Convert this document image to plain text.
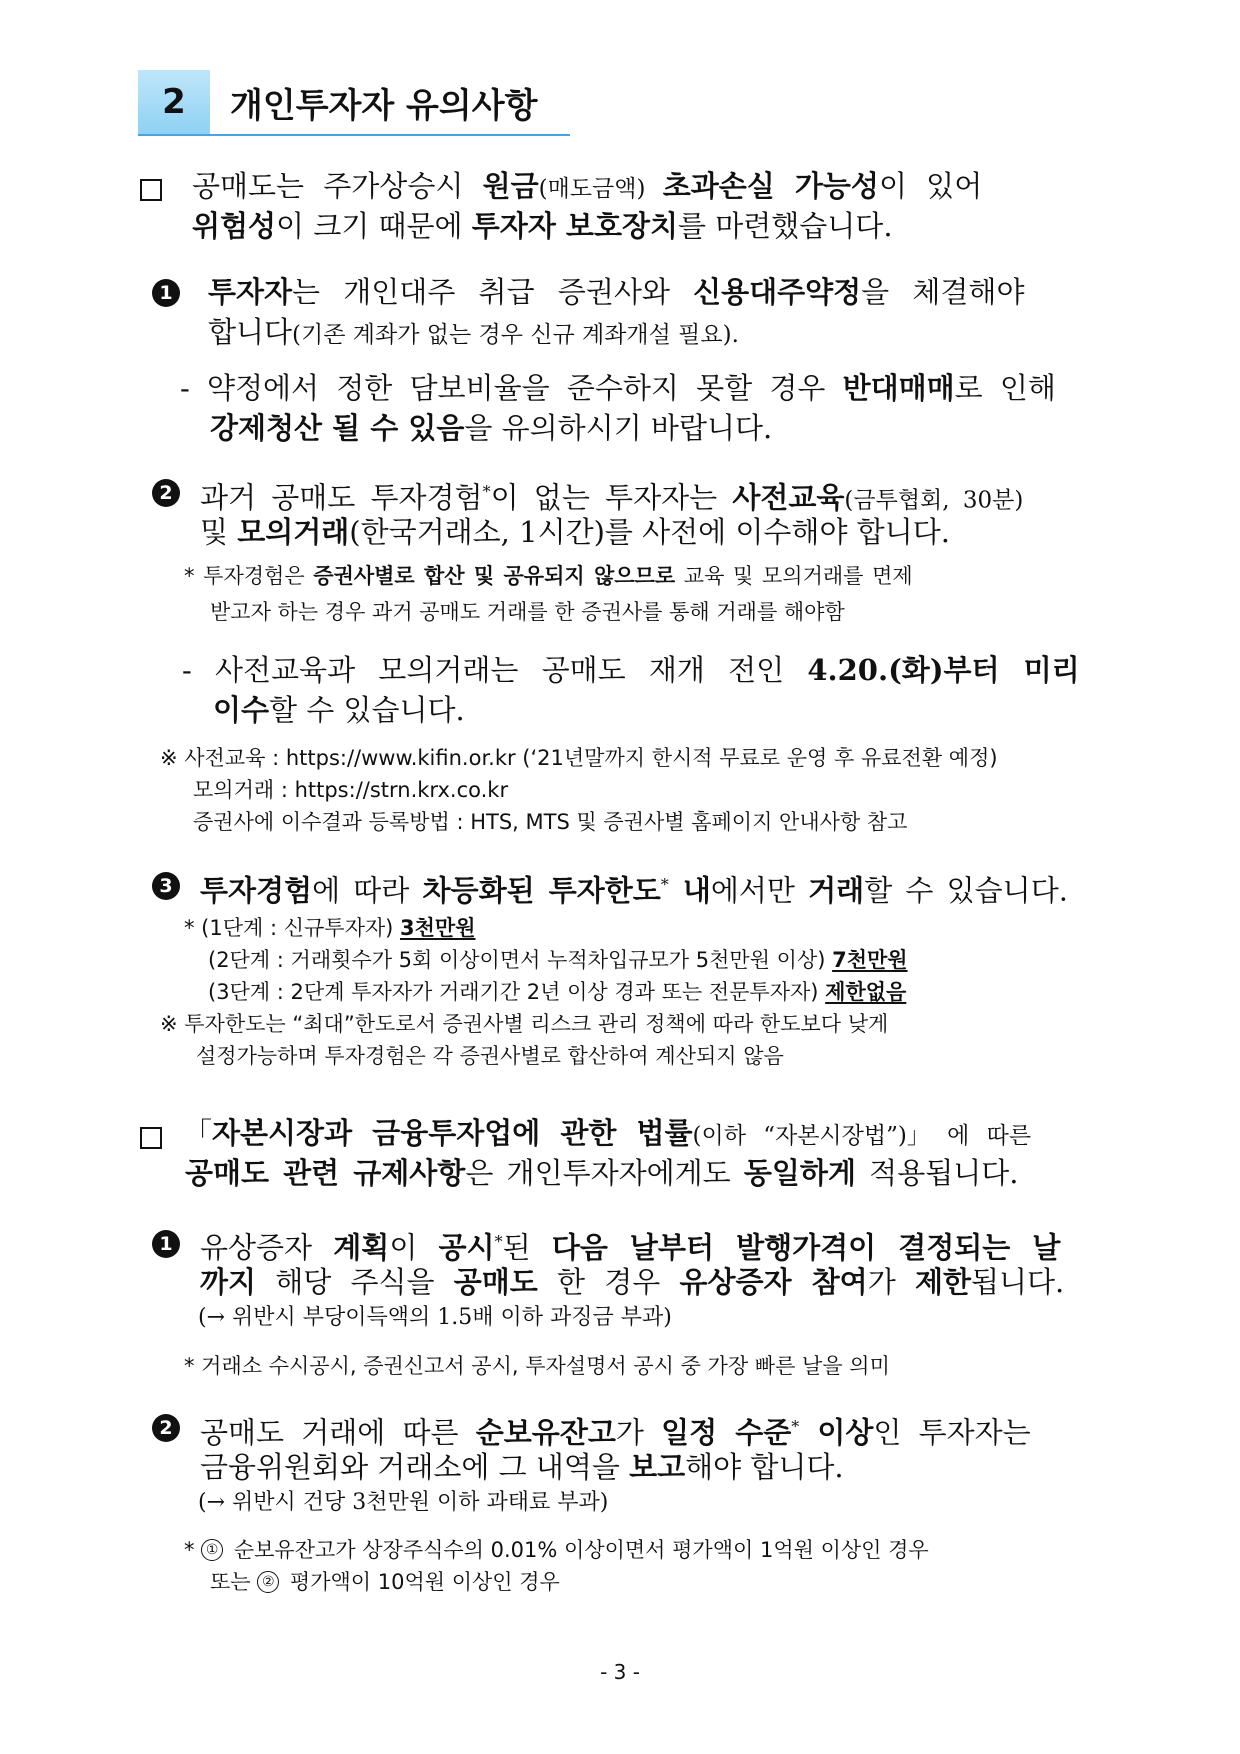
2	개인투자자 유의사항
공매도는 주가상승시 원금(매도금액) 초과손실 가능성이 있어
위험성이 크기 때문에 투자자 보호장치를 마련했습니다.
1 투자자는 개인대주 취급 증권사와 신용대주약정을 체결해야
합니다(기존 계좌가 없는 경우 신규 계좌개설 필요).
- 약정에서 정한 담보비율을 준수하지 못할 경우 반대매매로 인해
강제청산 될 수 있음을 유의하시기 바랍니다.
2 과거 공매도 투자경험*이 없는 투자자는 사전교육(금투협회, 30분)
및 모의거래(한국거래소, 1시간)를 사전에 이수해야 합니다.
* 투자경험은 증권사별로 합산 및 공유되지 않으므로 교육 및 모의거래를 면제
받고자 하는 경우 과거 공매도 거래를 한 증권사를 통해 거래를 해야함
- 사전교육과 모의거래는 공매도 재개 전인 4.20.(화)부터 미리
이수할 수 있습니다.
※ 사전교육 : https://www.kifin.or.kr (‘21년말까지 한시적 무료로 운영 후 유료전환 예정)
모의거래 : https://strn.krx.co.kr
증권사에 이수결과 등록방법 : HTS, MTS 및 증권사별 홈페이지 안내사항 참고
3 투자경험에 따라 차등화된 투자한도* 내에서만 거래할 수 있습니다.
* (1단계 : 신규투자자) 3천만원
(2단계 : 거래횟수가 5회 이상이면서 누적차입규모가 5천만원 이상) 7천만원
(3단계 : 2단계 투자자가 거래기간 2년 이상 경과 또는 전문투자자) 제한없음
※ 투자한도는 “최대”한도로서 증권사별 리스크 관리 정책에 따라 한도보다 낮게
설정가능하며 투자경험은 각 증권사별로 합산하여 계산되지 않음
「자본시장과 금융투자업에 관한 법률(이하 “자본시장법”)」 에 따른
공매도 관련 규제사항은 개인투자자에게도 동일하게 적용됩니다.
1 유상증자 계획이 공시*된 다음 날부터 발행가격이 결정되는 날
까지 해당 주식을 공매도 한 경우 유상증자 참여가 제한됩니다.
(→ 위반시 부당이득액의 1.5배 이하 과징금 부과)
* 거래소 수시공시, 증권신고서 공시, 투자설명서 공시 중 가장 빠른 날을 의미
2 공매도 거래에 따른 순보유잔고가 일정 수준* 이상인 투자자는
금융위원회와 거래소에 그 내역을 보고해야 합니다.
(→ 위반시 건당 3천만원 이하 과태료 부과)
* ① 순보유잔고가 상장주식수의 0.01% 이상이면서 평가액이 1억원 이상인 경우
또는 ② 평가액이 10억원 이상인 경우
- 3 -
